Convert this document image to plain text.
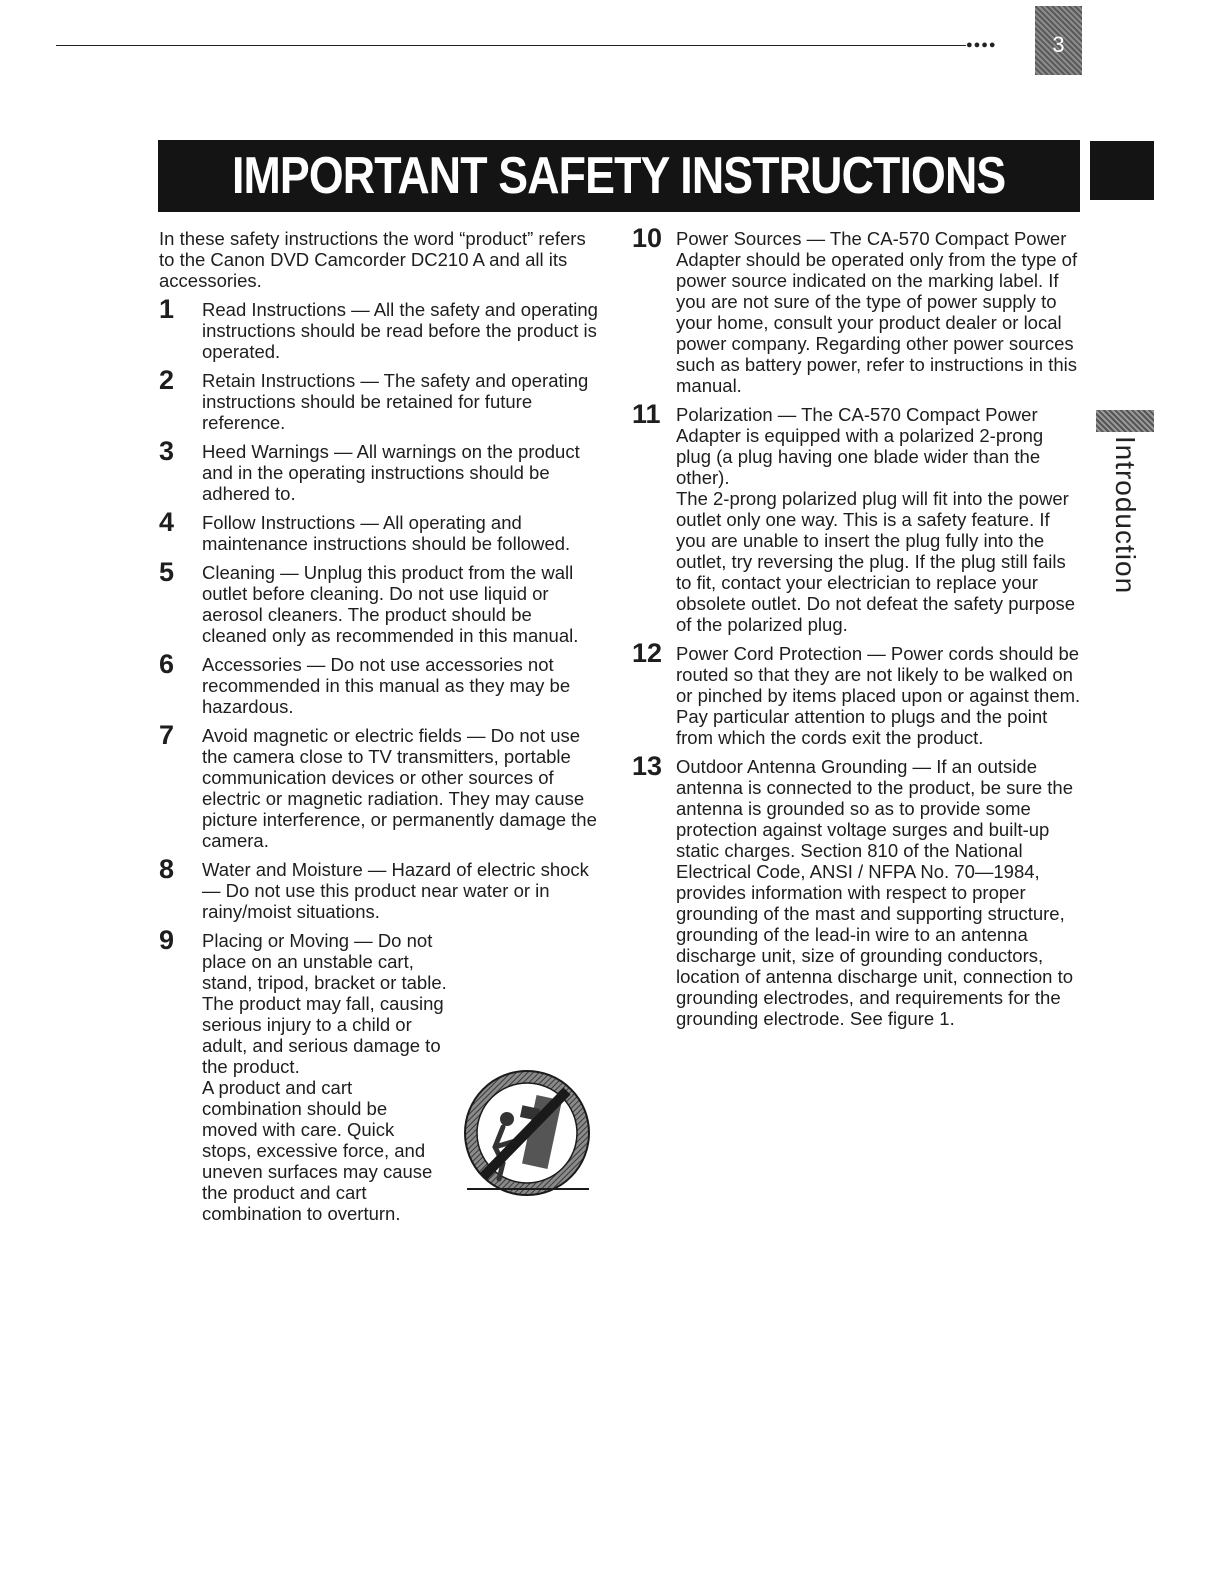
●●●●	3
IMPORTANT SAFETY INSTRUCTIONS
Introduction
In these safety instructions the word “product” refers to the Canon DVD Camcorder DC210 A and all its accessories.
1 Read Instructions — All the safety and operating instructions should be read before the product is operated.
2 Retain Instructions — The safety and operating instructions should be retained for future reference.
3 Heed Warnings — All warnings on the product and in the operating instructions should be adhered to.
4 Follow Instructions — All operating and maintenance instructions should be followed.
5 Cleaning — Unplug this product from the wall outlet before cleaning. Do not use liquid or aerosol cleaners. The product should be cleaned only as recommended in this manual.
6 Accessories — Do not use accessories not recommended in this manual as they may be hazardous.
7 Avoid magnetic or electric fields — Do not use the camera close to TV transmitters, portable communication devices or other sources of electric or magnetic radiation. They may cause picture interference, or permanently damage the camera.
8 Water and Moisture — Hazard of electric shock — Do not use this product near water or in rainy/moist situations.
9 Placing or Moving — Do not place on an unstable cart, stand, tripod, bracket or table. The product may fall, causing serious injury to a child or adult, and serious damage to the product.
A product and cart combination should be moved with care. Quick stops, excessive force, and uneven surfaces may cause the product and cart combination to overturn.
10 Power Sources — The CA-570 Compact Power Adapter should be operated only from the type of power source indicated on the marking label. If you are not sure of the type of power supply to your home, consult your product dealer or local power company. Regarding other power sources such as battery power, refer to instructions in this manual.
11 Polarization — The CA-570 Compact Power Adapter is equipped with a polarized 2-prong plug (a plug having one blade wider than the other).
The 2-prong polarized plug will fit into the power outlet only one way. This is a safety feature. If you are unable to insert the plug fully into the outlet, try reversing the plug. If the plug still fails to fit, contact your electrician to replace your obsolete outlet. Do not defeat the safety purpose of the polarized plug.
12 Power Cord Protection — Power cords should be routed so that they are not likely to be walked on or pinched by items placed upon or against them. Pay particular attention to plugs and the point from which the cords exit the product.
13 Outdoor Antenna Grounding — If an outside antenna is connected to the product, be sure the antenna is grounded so as to provide some protection against voltage surges and built-up static charges. Section 810 of the National Electrical Code, ANSI / NFPA No. 70—1984, provides information with respect to proper grounding of the mast and supporting structure, grounding of the lead-in wire to an antenna discharge unit, size of grounding conductors, location of antenna discharge unit, connection to grounding electrodes, and requirements for the grounding electrode. See figure 1.
